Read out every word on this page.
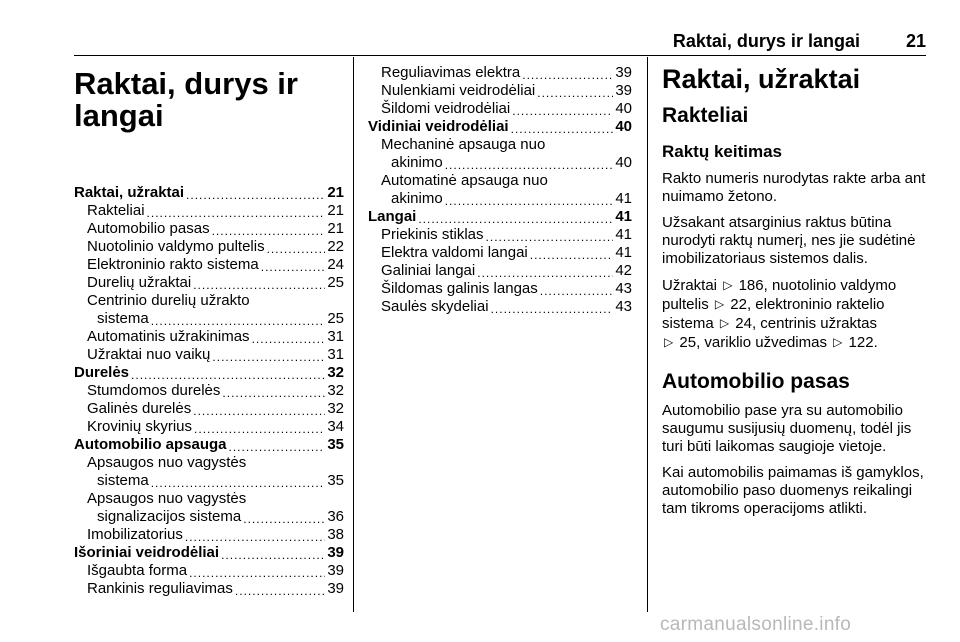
Raktai, durys ir langai	21
Raktai, durys ir langai
Raktai, užraktai .....	21
Rakteliai .....	21
Automobilio pasas .....	21
Nuotolinio valdymo pultelis .....	22
Elektroninio rakto sistema .....	24
Durelių užraktai .....	25
Centrinio durelių užrakto
sistema .....	25
Automatinis užrakinimas .....	31
Užraktai nuo vaikų .....	31
Durelės .....	32
Stumdomos durelės .....	32
Galinės durelės .....	32
Krovinių skyrius .....	34
Automobilio apsauga .....	35
Apsaugos nuo vagystės
sistema .....	35
Apsaugos nuo vagystės
signalizacijos sistema .....	36
Imobilizatorius .....	38
Išoriniai veidrodėliai .....	39
Išgaubta forma .....	39
Rankinis reguliavimas .....	39
Reguliavimas elektra .....	39
Nulenkiami veidrodėliai .....	39
Šildomi veidrodėliai .....	40
Vidiniai veidrodėliai .....	40
Mechaninė apsauga nuo
akinimo .....	40
Automatinė apsauga nuo
akinimo .....	41
Langai .....	41
Priekinis stiklas .....	41
Elektra valdomi langai .....	41
Galiniai langai .....	42
Šildomas galinis langas .....	43
Saulės skydeliai .....	43
Raktai, užraktai
Rakteliai
Raktų keitimas

Rakto numeris nurodytas rakte arba ant nuimamo žetono.

Užsakant atsarginius raktus būtina nurodyti raktų numerį, nes jie sudėtinė imobilizatoriaus sistemos dalis.

Užraktai ▷ 186, nuotolinio valdymo pultelis ▷ 22, elektroninio raktelio sistema ▷ 24, centrinis užraktas
▷ 25, variklio užvedimas ▷ 122.

Automobilio pasas

Automobilio pase yra su automobilio saugumu susijusių duomenų, todėl jis turi būti laikomas saugioje vietoje.

Kai automobilis paimamas iš gamyklos, automobilio paso duomenys reikalingi tam tikroms operacijoms atlikti.

carmanualsonline.info
